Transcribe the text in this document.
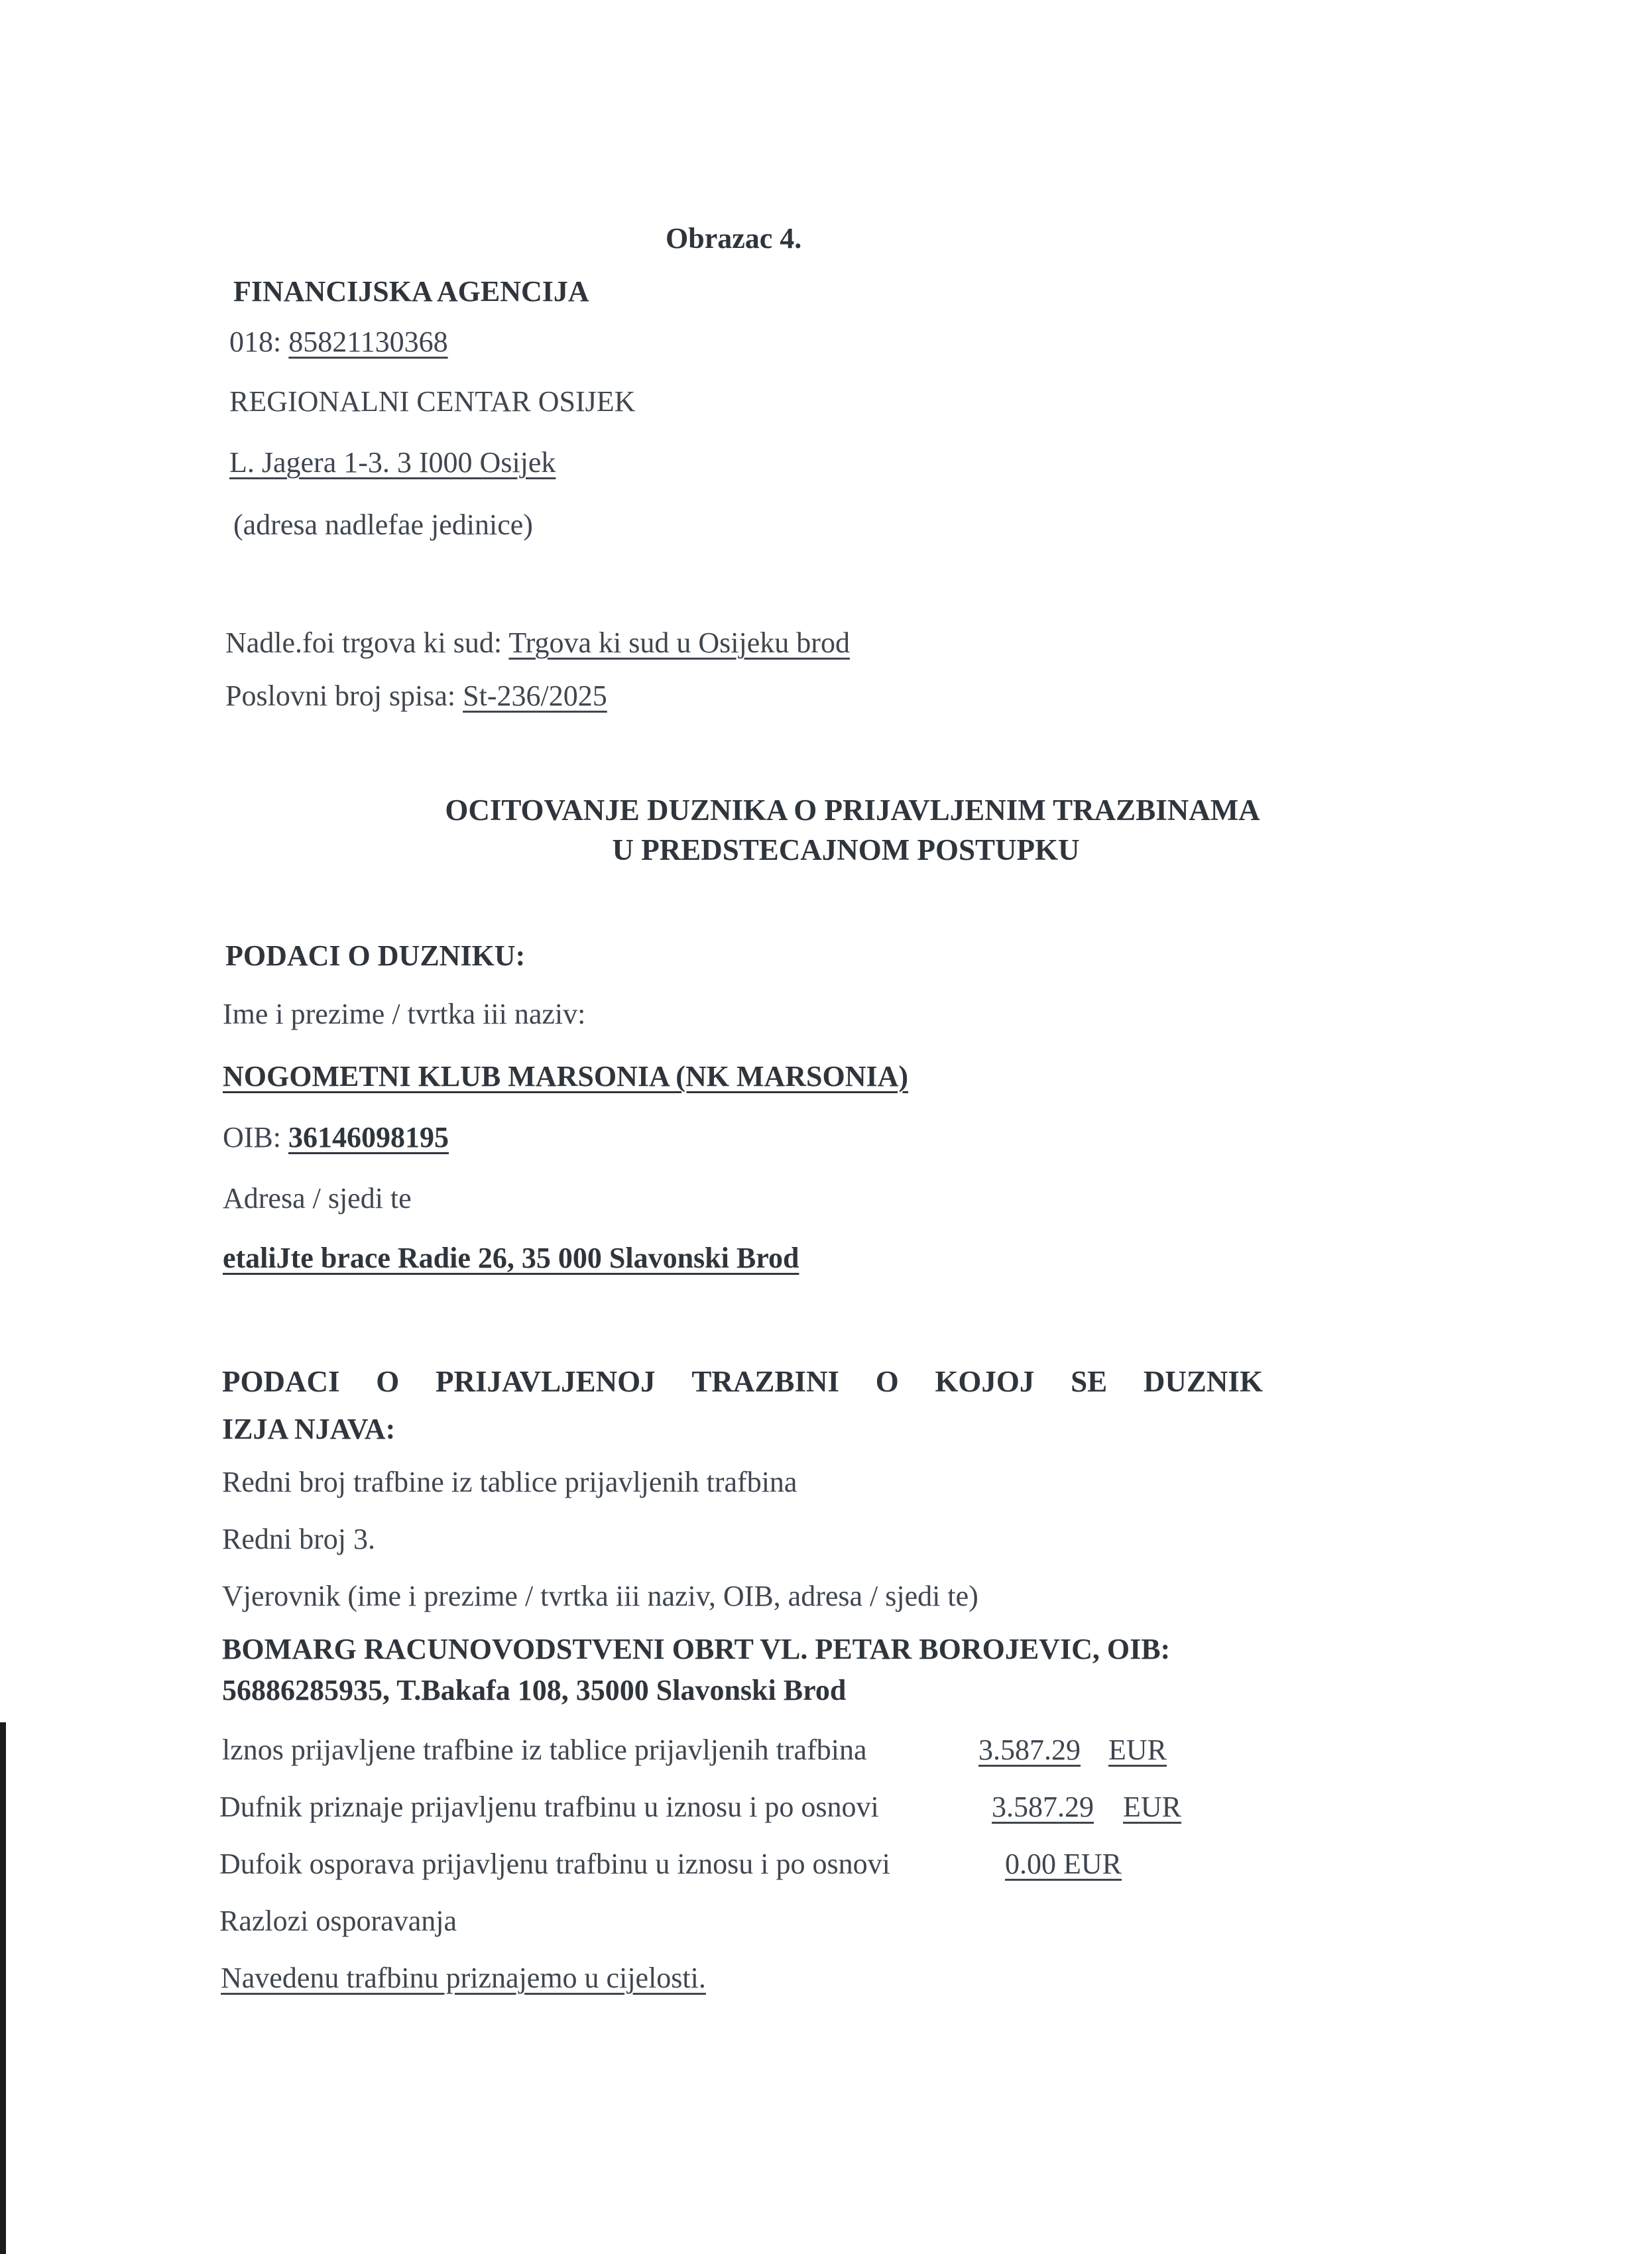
Obrazac 4.
FINANCIJSKA AGENCIJA
018: 85821130368
REGIONALNI CENTAR OSIJEK
L. Jagera 1-3. 3 I000 Osijek
(adresa nadlefae jedinice)
Nadle.foi trgova ki sud: Trgova ki sud u Osijeku brod
Poslovni broj spisa: St-236/2025
OCITOVANJE DUZNIKA O PRIJAVLJENIM TRAZBINAMA
U PREDSTECAJNOM POSTUPKU
PODACI O DUZNIKU:
Ime i prezime / tvrtka iii naziv:
NOGOMETNI KLUB MARSONIA (NK MARSONIA)
OIB: 36146098195
Adresa / sjedi te
etaliJte brace Radie 26, 35 000 Slavonski Brod
PODACI O PRIJAVLJENOJ TRAZBINI O KOJOJ SE DUZNIK
IZJA NJAVA:
Redni broj trafbine iz tablice prijavljenih trafbina
Redni broj 3.
Vjerovnik (ime i prezime / tvrtka iii naziv, OIB, adresa / sjedi te)
BOMARG RACUNOVODSTVENI OBRT VL. PETAR BOROJEVIC, OIB:
56886285935, T.Bakafa 108, 35000 Slavonski Brod
lznos prijavljene trafbine iz tablice prijavljenih trafbina	3.587.29 EUR
Dufnik priznaje prijavljenu trafbinu u iznosu i po osnovi	3.587.29 EUR
Dufoik osporava prijavljenu trafbinu u iznosu i po osnovi	0.00 EUR
Razlozi osporavanja
Navedenu trafbinu priznajemo u cijelosti.
